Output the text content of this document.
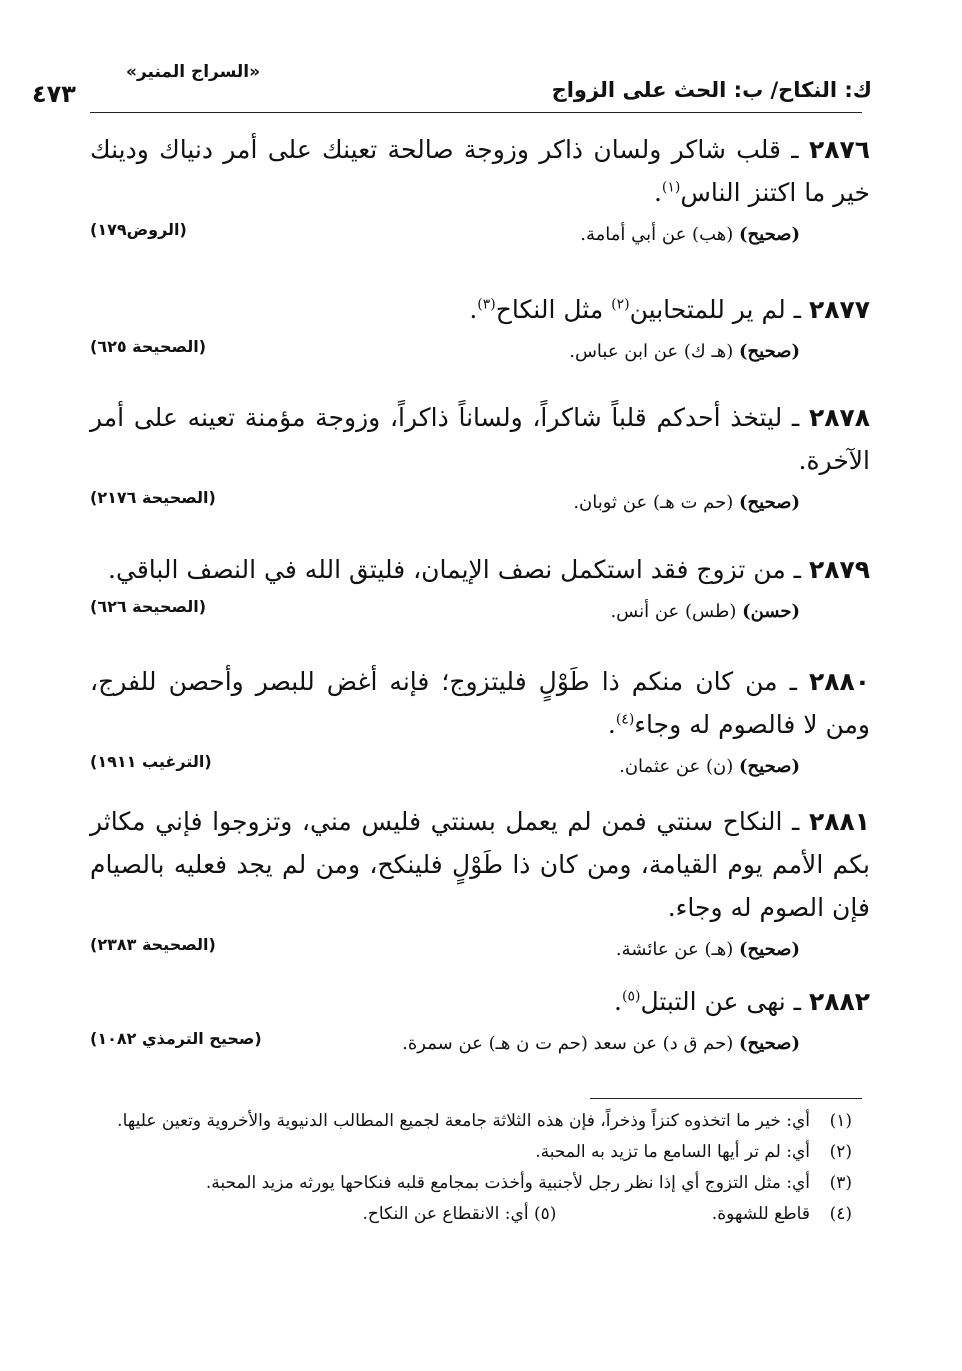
ك: النكاح/ ب: الحث على الزواج
«السراج المنير»
٤٧٣

٢٨٧٦ ـ قلب شاكر ولسان ذاكر وزوجة صالحة تعينك على أمر دنياك ودينك خير ما اكتنز الناس$^{(١)}$.

(صحيح) (هب) عن أبي أمامة.
(الروض١٧٩)

٢٨٧٧ ـ لم ير للمتحابين$^{(٢)}$ مثل النكاح$^{(٣)}$.

(صحيح) (هـ ك) عن ابن عباس.
(الصحيحة ٦٢٥)

٢٨٧٨ ـ ليتخذ أحدكم قلباً شاكراً، ولساناً ذاكراً، وزوجة مؤمنة تعينه على أمر الآخرة.

(صحيح) (حم ت هـ) عن ثوبان.
(الصحيحة ٢١٧٦)

٢٨٧٩ ـ من تزوج فقد استكمل نصف الإيمان، فليتق الله في النصف الباقي.

(حسن) (طس) عن أنس.
(الصحيحة ٦٢٦)

٢٨٨٠ ـ من كان منكم ذا طَوْلٍ فليتزوج؛ فإنه أغض للبصر وأحصن للفرج، ومن لا فالصوم له وجاء$^{(٤)}$.

(صحيح) (ن) عن عثمان.
(الترغيب ١٩١١)

٢٨٨١ ـ النكاح سنتي فمن لم يعمل بسنتي فليس مني، وتزوجوا فإني مكاثر بكم الأمم يوم القيامة، ومن كان ذا طَوْلٍ فلينكح، ومن لم يجد فعليه بالصيام فإن الصوم له وجاء.

(صحيح) (هـ) عن عائشة.
(الصحيحة ٢٣٨٣)

٢٨٨٢ ـ نهى عن التبتل$^{(٥)}$.

(صحيح) (حم ق د) عن سعد (حم ت ن هـ) عن سمرة.
(صحيح الترمذي ١٠٨٢)

(١)
أي: خير ما اتخذوه كنزاً وذخراً، فإن هذه الثلاثة جامعة لجميع المطالب الدنيوية والأخروية وتعين عليها.

(٢)
أي: لم تر أيها السامع ما تزيد به المحبة.

(٣)
أي: مثل التزوج أي إذا نظر رجل لأجنبية وأخذت بمجامع قلبه فنكاحها يورثه مزيد المحبة.

(٤)
قاطع للشهوة. (٥) أي: الانقطاع عن النكاح.
